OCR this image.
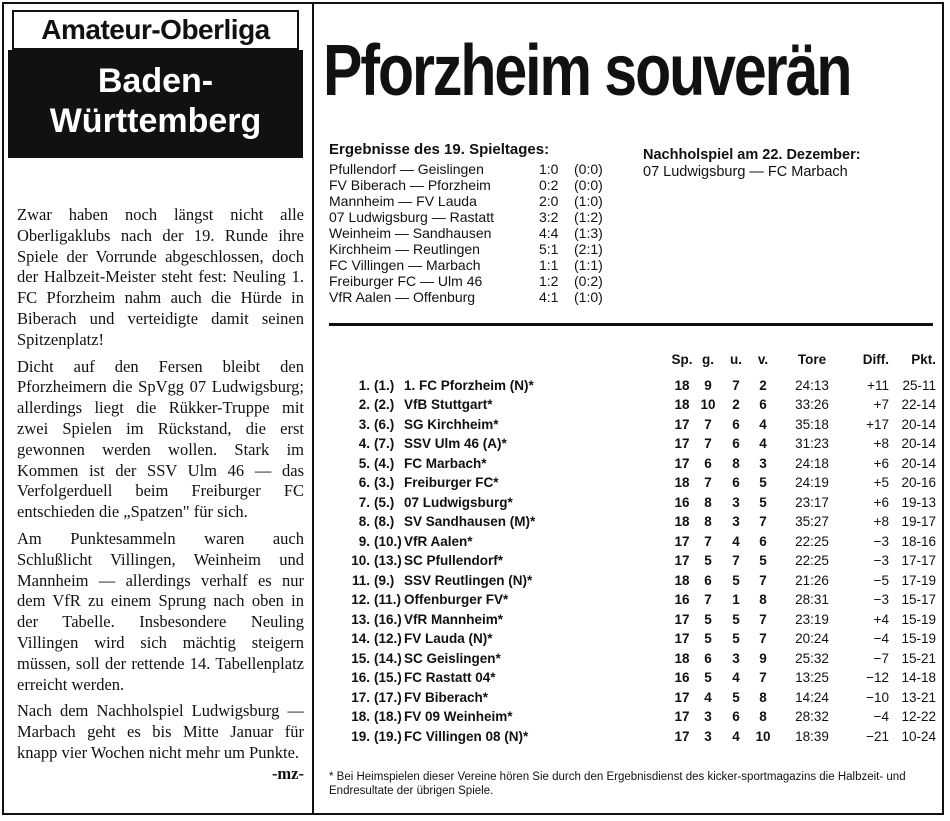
Amateur-Oberliga
Baden-
Württemberg

Zwar haben noch längst nicht alle Oberligaklubs nach der 19. Runde ihre Spiele der Vorrunde abgeschlossen, doch der Halbzeit-Meister steht fest: Neuling 1. FC Pforzheim nahm auch die Hürde in Biberach und verteidigte damit seinen Spitzenplatz!

Dicht auf den Fersen bleibt den Pforzheimern die SpVgg 07 Ludwigsburg; allerdings liegt die Rükker-Truppe mit zwei Spielen im Rückstand, die erst gewonnen werden wollen. Stark im Kommen ist der SSV Ulm 46 — das Verfolgerduell beim Freiburger FC entschieden die „Spatzen" für sich.

Am Punktesammeln waren auch Schlußlicht Villingen, Weinheim und Mannheim — allerdings verhalf es nur dem VfR zu einem Sprung nach oben in der Tabelle. Insbesondere Neuling Villingen wird sich mächtig steigern müssen, soll der rettende 14. Tabellenplatz erreicht werden.

Nach dem Nachholspiel Ludwigsburg — Marbach geht es bis Mitte Januar für knapp vier Wochen nicht mehr um Punkte.
-mz-

Pforzheim souverän
Ergebnisse des 19. Spieltages:
Pfullendorf — Geislingen	1:0 (0:0)
FV Biberach — Pforzheim	0:2 (0:0)
Mannheim — FV Lauda	2:0 (1:0)
07 Ludwigsburg — Rastatt	3:2 (1:2)
Weinheim — Sandhausen	4:4 (1:3)
Kirchheim — Reutlingen	5:1 (2:1)
FC Villingen — Marbach	1:1 (1:1)
Freiburger FC — Ulm 46	1:2 (0:2)
VfR Aalen — Offenburg	4:1 (1:0)
Nachholspiel am 22. Dezember:
07 Ludwigsburg — FC Marbach
Sp. g.	u.	v.	Tore	Diff.	Pkt.
1. (1.) 1. FC Pforzheim (N)*	18	9	7	2	24:13	+11 25-11
2. (2.) VfB Stuttgart*	18 10	2	6	33:26	+7 22-14
3. (6.) SG Kirchheim*	17	7	6	4	35:18	+17 20-14
4. (7.) SSV Ulm 46 (A)*	17	7	6	4	31:23	+8 20-14
5. (4.) FC Marbach*	17	6	8	3	24:18	+6 20-14
6. (3.) Freiburger FC*	18	7	6	5	24:19	+5 20-16
7. (5.) 07 Ludwigsburg*	16	8	3	5	23:17	+6 19-13
8. (8.) SV Sandhausen (M)*	18	8	3	7	35:27	+8 19-17
9. (10.) VfR Aalen*	17	7	4	6	22:25	−3 18-16
10. (13.) SC Pfullendorf*	17	5	7	5	22:25	−3 17-17
11. (9.) SSV Reutlingen (N)*	18	6	5	7	21:26	−5 17-19
12. (11.) Offenburger FV*	16	7	1	8	28:31	−3 15-17
13. (16.) VfR Mannheim*	17	5	5	7	23:19	+4 15-19
14. (12.) FV Lauda (N)*	17	5	5	7	20:24	−4 15-19
15. (14.) SC Geislingen*	18	6	3	9	25:32	−7 15-21
16. (15.) FC Rastatt 04*	16	5	4	7	13:25	−12 14-18
17. (17.) FV Biberach*	17	4	5	8	14:24	−10 13-21
18. (18.) FV 09 Weinheim*	17	3	6	8	28:32	−4 12-22
19. (19.) FC Villingen 08 (N)*	17	3	4	10	18:39	−21 10-24
* Bei Heimspielen dieser Vereine hören Sie durch den Ergebnisdienst des kicker-sportmagazins die Halbzeit- und Endresultate der übrigen Spiele.
